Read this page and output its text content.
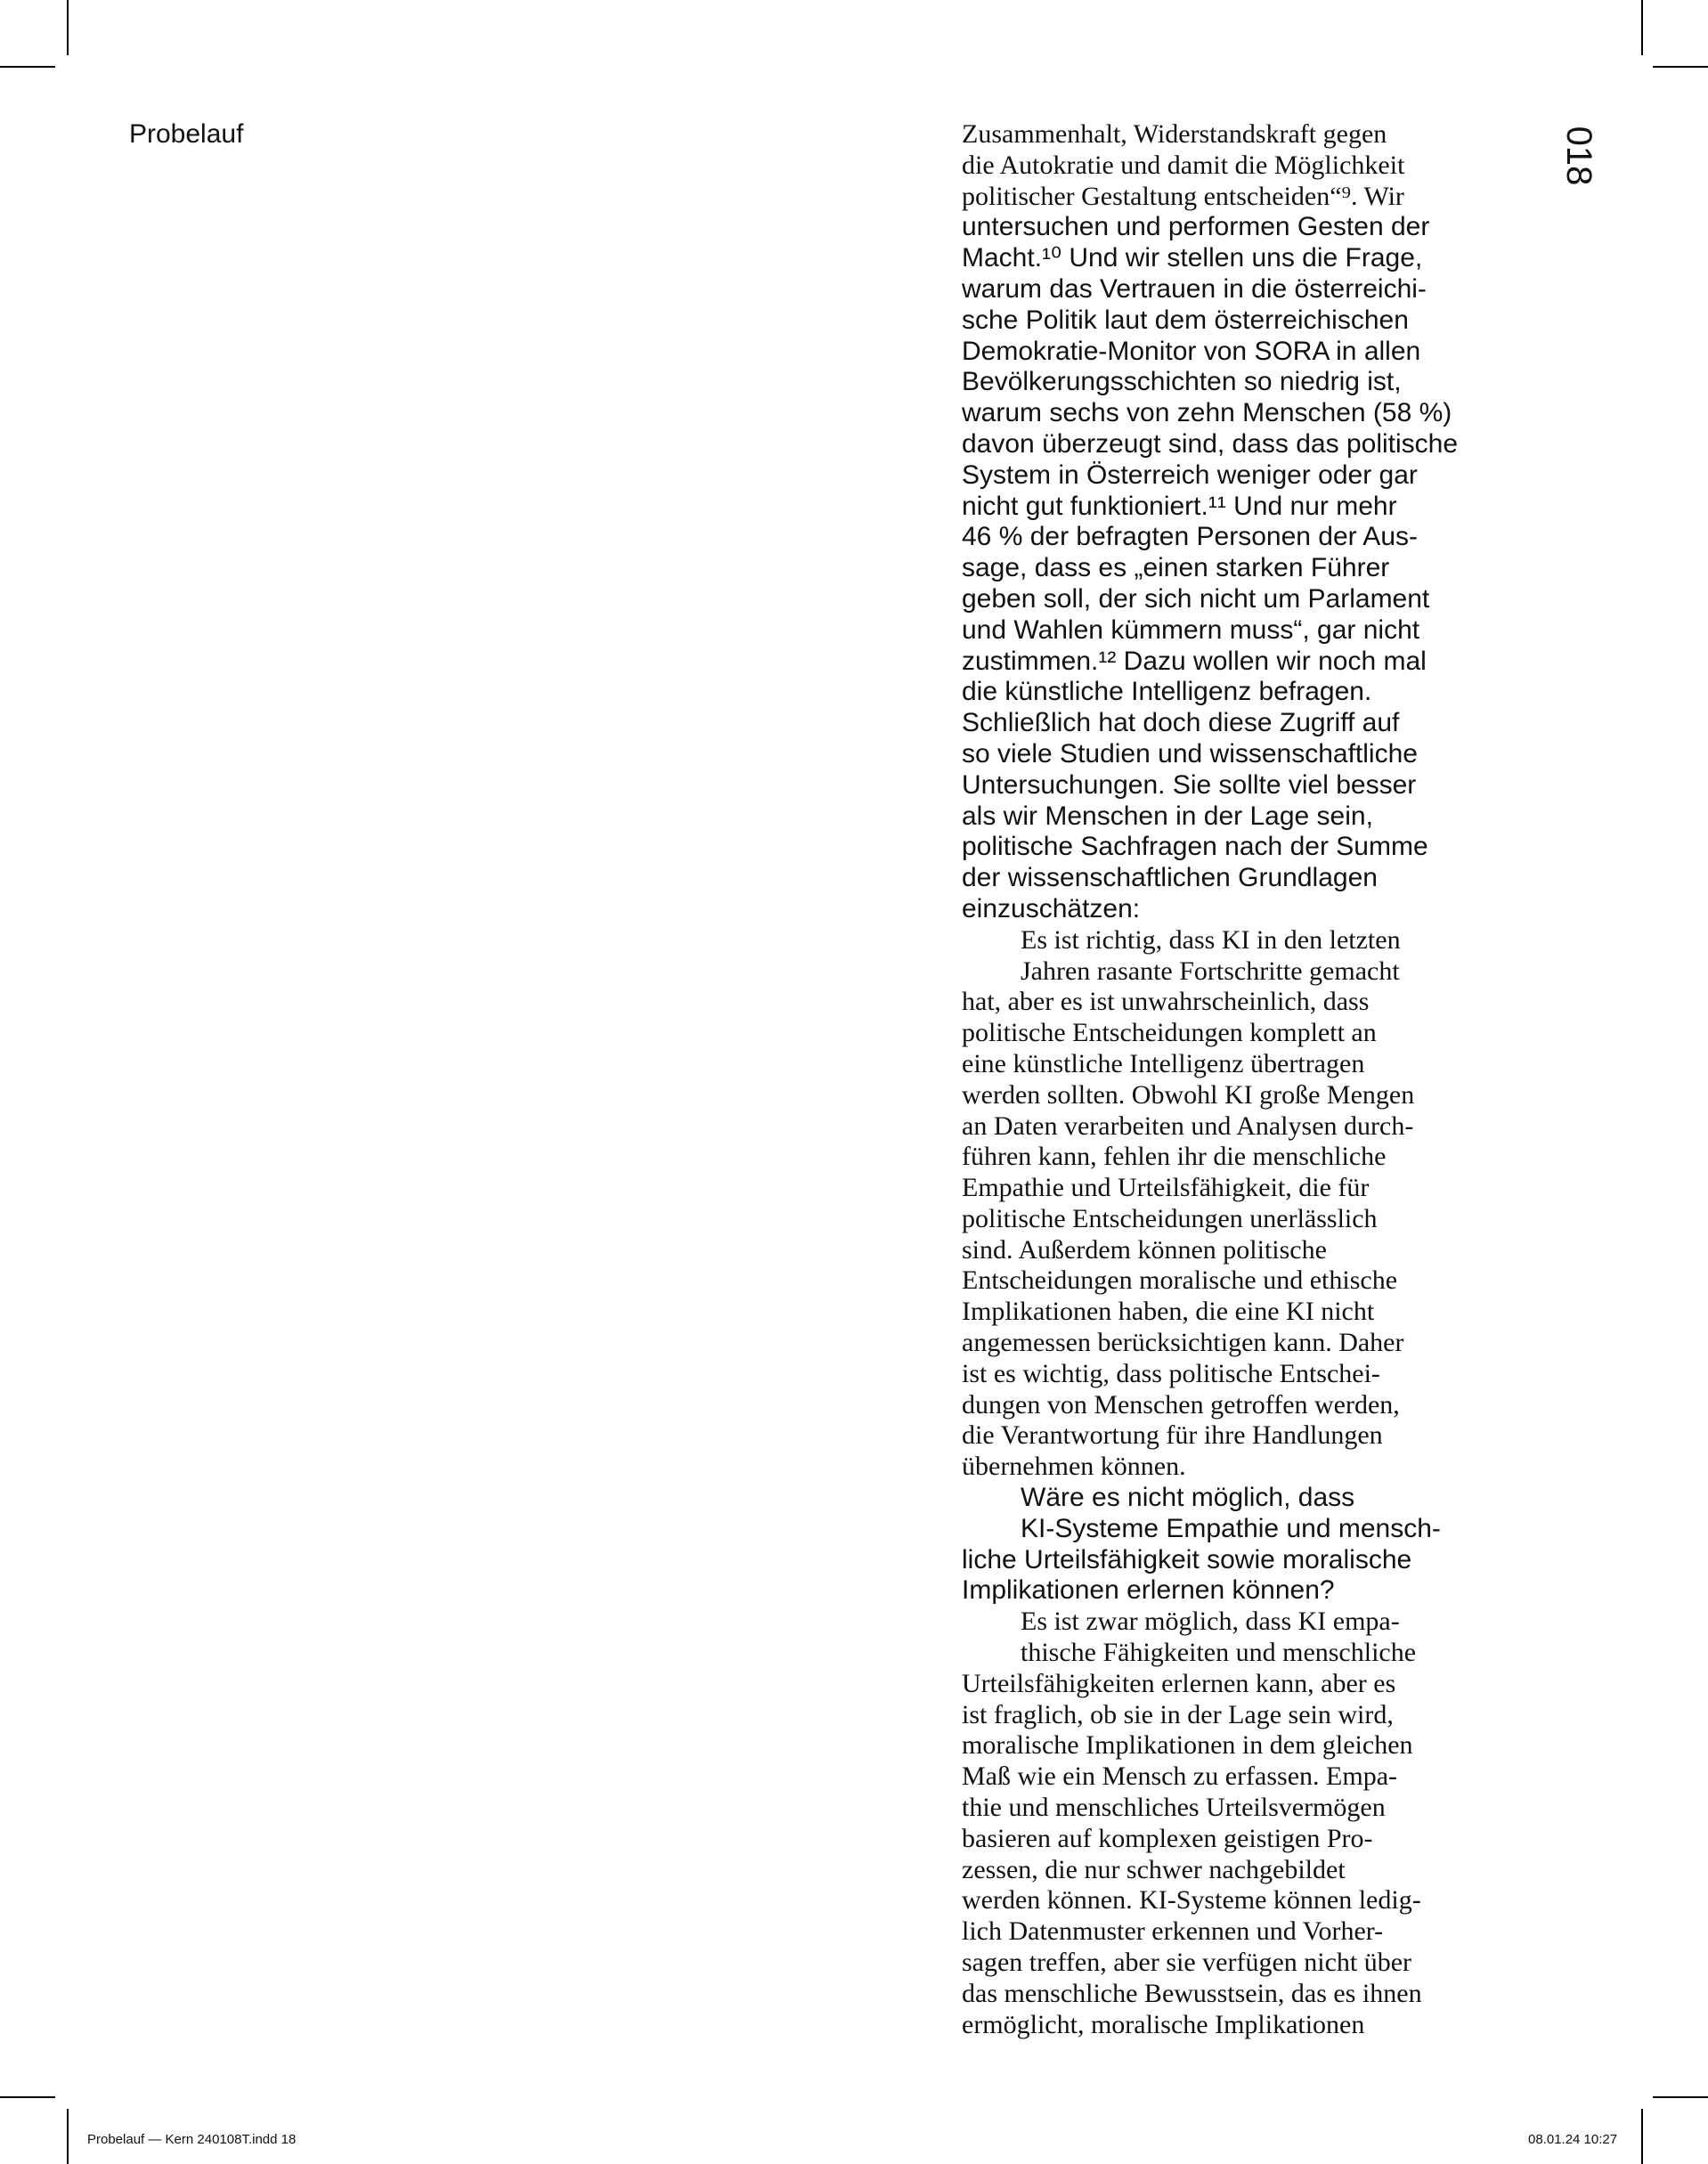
Probelauf	018
Zusammenhalt, Widerstandskraft gegen
die Autokratie und damit die Möglichkeit
politischer Gestaltung entscheiden“⁹. Wir
untersuchen und performen Gesten der
Macht.¹⁰ Und wir stellen uns die Frage,
warum das Vertrauen in die österreichi-
sche Politik laut dem österreichischen
Demokratie-Monitor von SORA in allen
Bevölkerungsschichten so niedrig ist,
warum sechs von zehn Menschen (58 %)
davon überzeugt sind, dass das politische
System in Österreich weniger oder gar
nicht gut funktioniert.¹¹ Und nur mehr
46 % der befragten Personen der Aus-
sage, dass es „einen starken Führer
geben soll, der sich nicht um Parlament
und Wahlen kümmern muss“, gar nicht
zustimmen.¹² Dazu wollen wir noch mal
die künstliche Intelligenz befragen.
Schließlich hat doch diese Zugriff auf
so viele Studien und wissenschaftliche
Untersuchungen. Sie sollte viel besser
als wir Menschen in der Lage sein,
politische Sachfragen nach der Summe
der wissenschaftlichen Grundlagen
einzuschätzen:
Es ist richtig, dass KI in den letzten
Jahren rasante Fortschritte gemacht
hat, aber es ist unwahrscheinlich, dass
politische Entscheidungen komplett an
eine künstliche Intelligenz übertragen
werden sollten. Obwohl KI große Mengen
an Daten verarbeiten und Analysen durch-
führen kann, fehlen ihr die menschliche
Empathie und Urteilsfähigkeit, die für
politische Entscheidungen unerlässlich
sind. Außerdem können politische
Entscheidungen moralische und ethische
Implikationen haben, die eine KI nicht
angemessen berücksichtigen kann. Daher
ist es wichtig, dass politische Entschei-
dungen von Menschen getroffen werden,
die Verantwortung für ihre Handlungen
übernehmen können.
Wäre es nicht möglich, dass
KI-Systeme Empathie und mensch-
liche Urteilsfähigkeit sowie moralische
Implikationen erlernen können?
Es ist zwar möglich, dass KI empa-
thische Fähigkeiten und menschliche
Urteilsfähigkeiten erlernen kann, aber es
ist fraglich, ob sie in der Lage sein wird,
moralische Implikationen in dem gleichen
Maß wie ein Mensch zu erfassen. Empa-
thie und menschliches Urteilsvermögen
basieren auf komplexen geistigen Pro-
zessen, die nur schwer nachgebildet
werden können. KI-Systeme können ledig-
lich Datenmuster erkennen und Vorher-
sagen treffen, aber sie verfügen nicht über
das menschliche Bewusstsein, das es ihnen
ermöglicht, moralische Implikationen
Probelauf — Kern 240108T.indd 18	08.01.24 10:27
